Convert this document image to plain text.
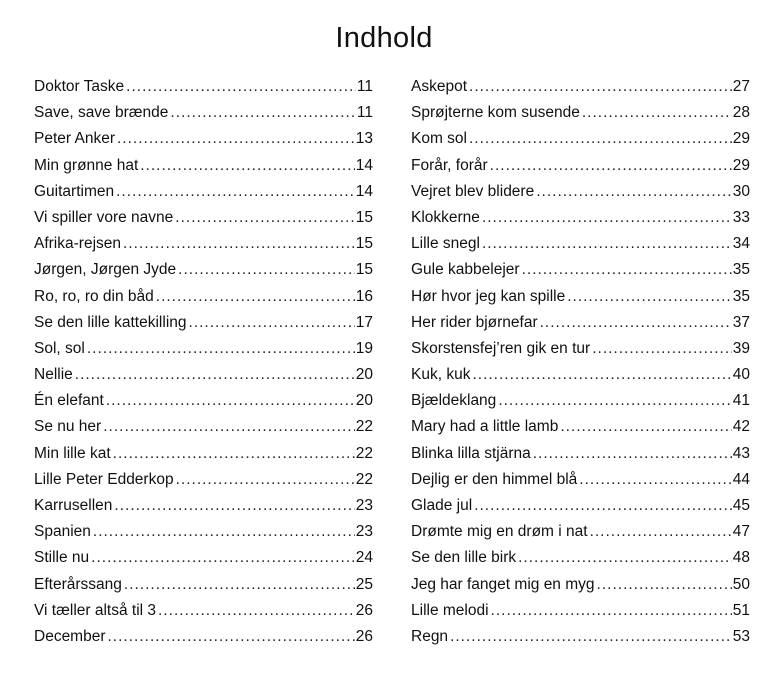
Indhold
Doktor Taske .....	11
Save, save brænde .....	11
Peter Anker .....	13
Min grønne hat .....	14
Guitartimen .....	14
Vi spiller vore navne .....	15
Afrika-rejsen .....	15
Jørgen, Jørgen Jyde .....	15
Ro, ro, ro din båd .....	16
Se den lille kattekilling .....	17
Sol, sol .....	19
Nellie .....	20
Én elefant .....	20
Se nu her .....	22
Min lille kat .....	22
Lille Peter Edderkop .....	22
Karrusellen .....	23
Spanien .....	23
Stille nu .....	24
Efterårssang .....	25
Vi tæller altså til 3 .....	26
December .....	26
Askepot .....	27
Sprøjterne kom susende .....	28
Kom sol .....	29
Forår, forår .....	29
Vejret blev blidere .....	30
Klokkerne .....	33
Lille snegl .....	34
Gule kabbelejer .....	35
Hør hvor jeg kan spille .....	35
Her rider bjørnefar .....	37
Skorstensfej’ren gik en tur .....	39
Kuk, kuk .....	40
Bjældeklang .....	41
Mary had a little lamb .....	42
Blinka lilla stjärna .....	43
Dejlig er den himmel blå .....	44
Glade jul .....	45
Drømte mig en drøm i nat .....	47
Se den lille birk .....	48
Jeg har fanget mig en myg .....	50
Lille melodi .....	51
Regn .....	53
